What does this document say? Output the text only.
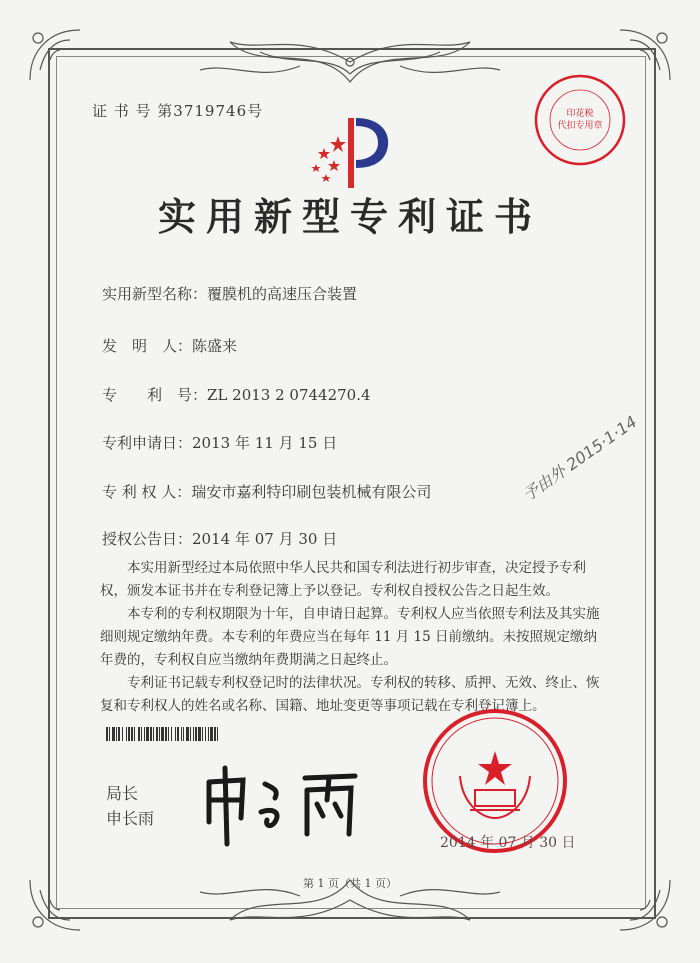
证 书 号 第3719746号	印花税
代扣专用章
实用新型专利证书
实用新型名称：覆膜机的高速压合装置
发　明　人：陈盛来
专　　利　号：ZL 2013 2 0744270.4
专利申请日：2013 年 11 月 15 日
专 利 权 人：瑞安市嘉利特印刷包装机械有限公司
授权公告日：2014 年 07 月 30 日
予由外 2015·1·14

本实用新型经过本局依照中华人民共和国专利法进行初步审查，决定授予专利权，颁发本证书并在专利登记簿上予以登记。专利权自授权公告之日起生效。

本专利的专利权期限为十年，自申请日起算。专利权人应当依照专利法及其实施细则规定缴纳年费。本专利的年费应当在每年 11 月 15 日前缴纳。未按照规定缴纳年费的，专利权自应当缴纳年费期满之日起终止。

专利证书记载专利权登记时的法律状况。专利权的转移、质押、无效、终止、恢复和专利权人的姓名或名称、国籍、地址变更等事项记载在专利登记簿上。

局长
申长雨
2014 年 07 月 30 日
第 1 页（共 1 页）
